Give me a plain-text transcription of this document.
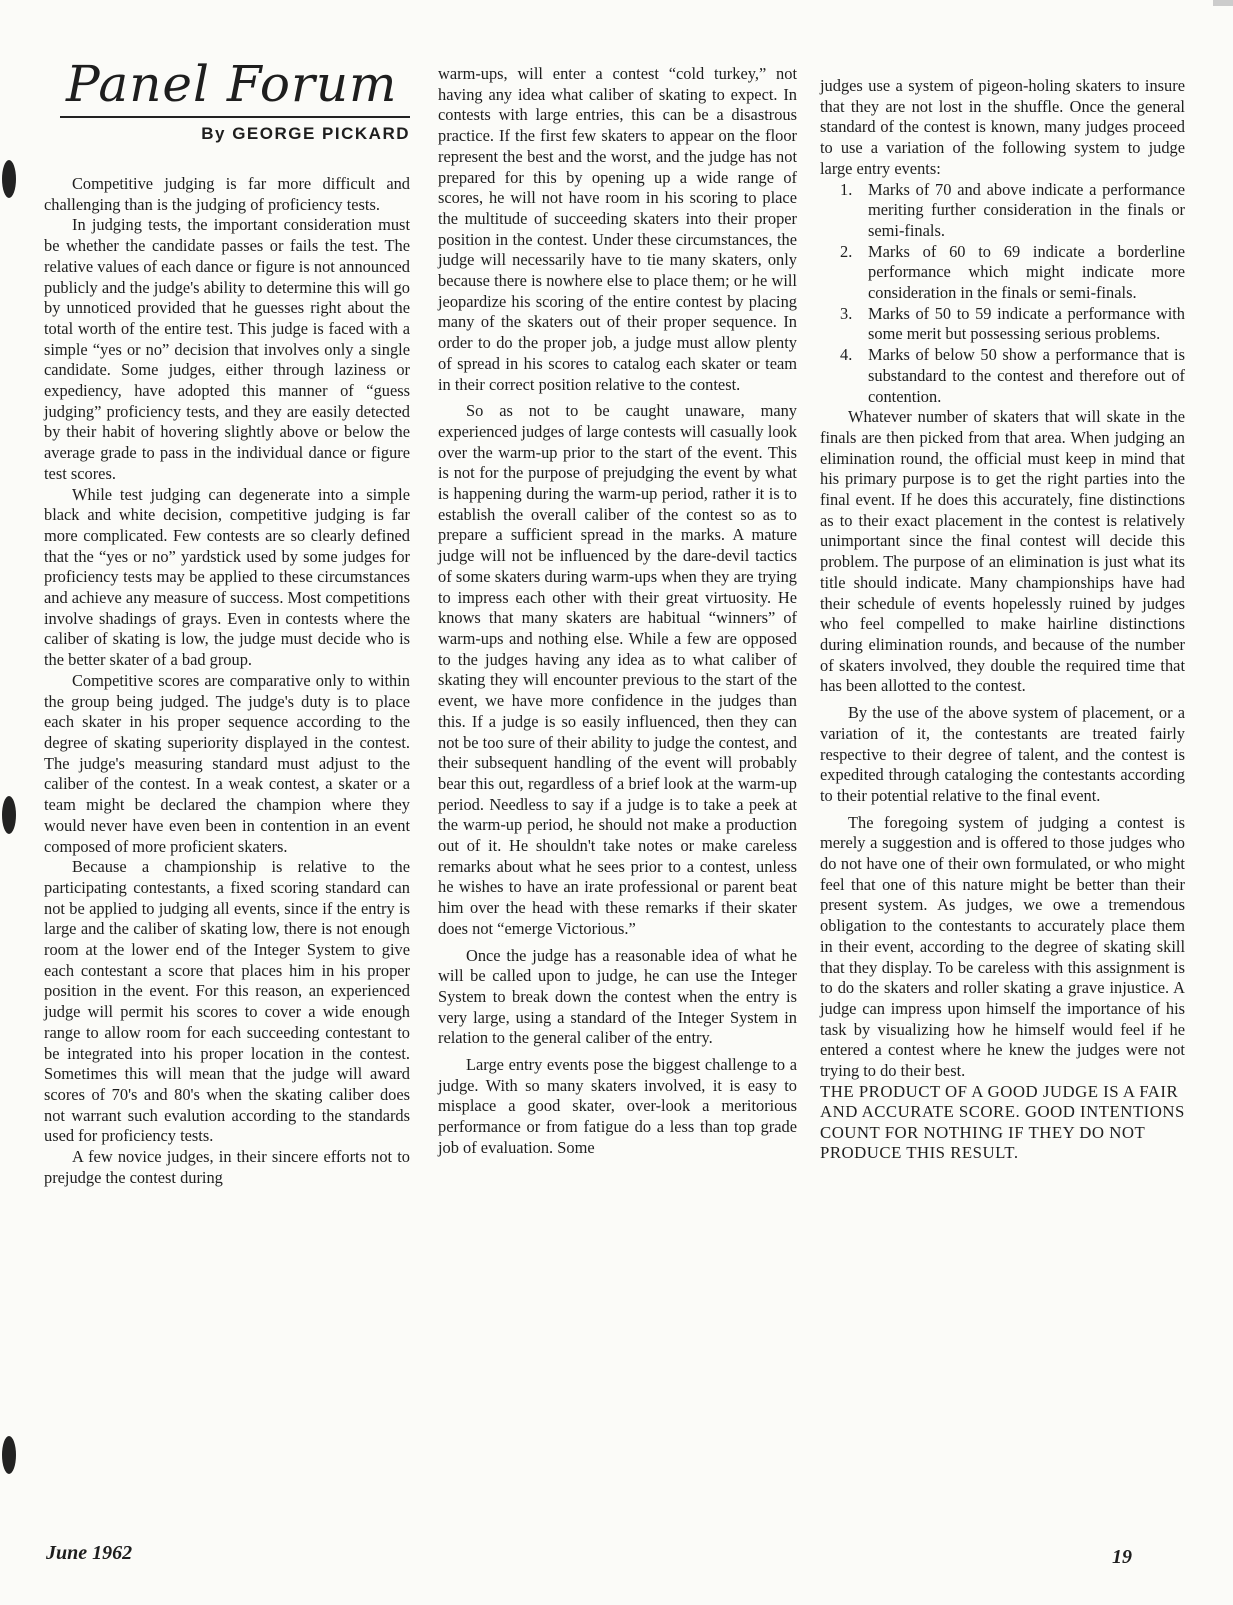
Panel Forum
By GEORGE PICKARD

Competitive judging is far more difficult and challenging than is the judging of proficiency tests.

In judging tests, the important consideration must be whether the candidate passes or fails the test. The relative values of each dance or figure is not announced publicly and the judge's ability to determine this will go by unnoticed provided that he guesses right about the total worth of the entire test. This judge is faced with a simple “yes or no” decision that involves only a single candidate. Some judges, either through laziness or expediency, have adopted this manner of “guess judging” proficiency tests, and they are easily detected by their habit of hovering slightly above or below the average grade to pass in the individual dance or figure test scores.

While test judging can degenerate into a simple black and white decision, competitive judging is far more complicated. Few contests are so clearly defined that the “yes or no” yardstick used by some judges for proficiency tests may be applied to these circumstances and achieve any measure of success. Most competitions involve shadings of grays. Even in contests where the caliber of skating is low, the judge must decide who is the better skater of a bad group.

Competitive scores are comparative only to within the group being judged. The judge's duty is to place each skater in his proper sequence according to the degree of skating superiority displayed in the contest. The judge's measuring standard must adjust to the caliber of the contest. In a weak contest, a skater or a team might be declared the champion where they would never have even been in contention in an event composed of more proficient skaters.

Because a championship is relative to the participating contestants, a fixed scoring standard can not be applied to judging all events, since if the entry is large and the caliber of skating low, there is not enough room at the lower end of the Integer System to give each contestant a score that places him in his proper position in the event. For this reason, an experienced judge will permit his scores to cover a wide enough range to allow room for each succeeding contestant to be integrated into his proper location in the contest. Sometimes this will mean that the judge will award scores of 70's and 80's when the skating caliber does not warrant such evalution according to the standards used for proficiency tests.

A few novice judges, in their sincere efforts not to prejudge the contest during

warm-ups, will enter a contest “cold turkey,” not having any idea what caliber of skating to expect. In contests with large entries, this can be a disastrous practice. If the first few skaters to appear on the floor represent the best and the worst, and the judge has not prepared for this by opening up a wide range of scores, he will not have room in his scoring to place the multitude of succeeding skaters into their proper position in the contest. Under these circumstances, the judge will necessarily have to tie many skaters, only because there is nowhere else to place them; or he will jeopardize his scoring of the entire contest by placing many of the skaters out of their proper sequence. In order to do the proper job, a judge must allow plenty of spread in his scores to catalog each skater or team in their correct position relative to the contest.

So as not to be caught unaware, many experienced judges of large contests will casually look over the warm-up prior to the start of the event. This is not for the purpose of prejudging the event by what is happening during the warm-up period, rather it is to establish the overall caliber of the contest so as to prepare a sufficient spread in the marks. A mature judge will not be influenced by the dare-devil tactics of some skaters during warm-ups when they are trying to impress each other with their great virtuosity. He knows that many skaters are habitual “winners” of warm-ups and nothing else. While a few are opposed to the judges having any idea as to what caliber of skating they will encounter previous to the start of the event, we have more confidence in the judges than this. If a judge is so easily influenced, then they can not be too sure of their ability to judge the contest, and their subsequent handling of the event will probably bear this out, regardless of a brief look at the warm-up period. Needless to say if a judge is to take a peek at the warm-up period, he should not make a production out of it. He shouldn't take notes or make careless remarks about what he sees prior to a contest, unless he wishes to have an irate professional or parent beat him over the head with these remarks if their skater does not “emerge Victorious.”

Once the judge has a reasonable idea of what he will be called upon to judge, he can use the Integer System to break down the contest when the entry is very large, using a standard of the Integer System in relation to the general caliber of the entry.

Large entry events pose the biggest challenge to a judge. With so many skaters involved, it is easy to misplace a good skater, over-look a meritorious performance or from fatigue do a less than top grade job of evaluation. Some

judges use a system of pigeon-holing skaters to insure that they are not lost in the shuffle. Once the general standard of the contest is known, many judges proceed to use a variation of the following system to judge large entry events:

1. Marks of 70 and above indicate a performance meriting further consideration in the finals or semi-finals.
2. Marks of 60 to 69 indicate a borderline performance which might indicate more consideration in the finals or semi-finals.
3. Marks of 50 to 59 indicate a performance with some merit but possessing serious problems.
4. Marks of below 50 show a performance that is substandard to the contest and therefore out of contention.

Whatever number of skaters that will skate in the finals are then picked from that area. When judging an elimination round, the official must keep in mind that his primary purpose is to get the right parties into the final event. If he does this accurately, fine distinctions as to their exact placement in the contest is relatively unimportant since the final contest will decide this problem. The purpose of an elimination is just what its title should indicate. Many championships have had their schedule of events hopelessly ruined by judges who feel compelled to make hairline distinctions during elimination rounds, and because of the number of skaters involved, they double the required time that has been allotted to the contest.

By the use of the above system of placement, or a variation of it, the contestants are treated fairly respective to their degree of talent, and the contest is expedited through cataloging the contestants according to their potential relative to the final event.

The foregoing system of judging a contest is merely a suggestion and is offered to those judges who do not have one of their own formulated, or who might feel that one of this nature might be better than their present system. As judges, we owe a tremendous obligation to the contestants to accurately place them in their event, according to the degree of skating skill that they display. To be careless with this assignment is to do the skaters and roller skating a grave injustice. A judge can impress upon himself the importance of his task by visualizing how he himself would feel if he entered a contest where he knew the judges were not trying to do their best.

THE PRODUCT OF A GOOD JUDGE IS A FAIR AND ACCURATE SCORE. GOOD INTENTIONS COUNT FOR NOTHING IF THEY DO NOT PRODUCE THIS RESULT.

June 1962	19
